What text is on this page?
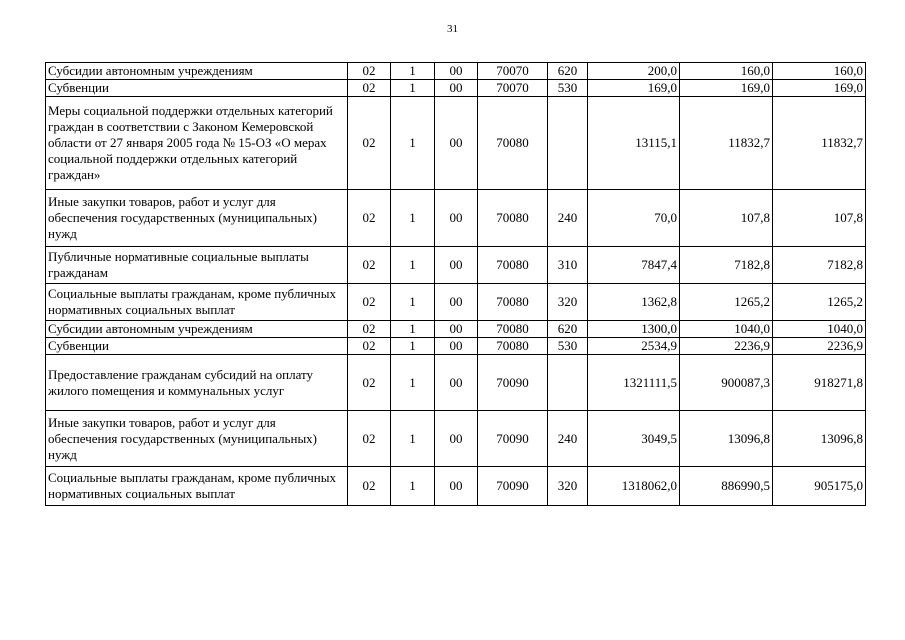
31
Субсидии автономным учреждениям	02	1	00	70070	620	200,0	160,0	160,0
Субвенции	02	1	00	70070	530	169,0	169,0	169,0
Меры социальной поддержки отдельных категорий граждан в соответствии с Законом Кемеровской области от 27 января 2005 года № 15-ОЗ «О мерах социальной поддержки отдельных категорий граждан»	02	1	00	70080		13115,1	11832,7	11832,7
Иные закупки товаров, работ и услуг для обеспечения государственных (муниципальных) нужд	02	1	00	70080	240	70,0	107,8	107,8
Публичные нормативные социальные выплаты гражданам	02	1	00	70080	310	7847,4	7182,8	7182,8
Социальные выплаты гражданам, кроме публичных нормативных социальных выплат	02	1	00	70080	320	1362,8	1265,2	1265,2
Субсидии автономным учреждениям	02	1	00	70080	620	1300,0	1040,0	1040,0
Субвенции	02	1	00	70080	530	2534,9	2236,9	2236,9
Предоставление гражданам субсидий на оплату жилого помещения и коммунальных услуг	02	1	00	70090		1321111,5	900087,3	918271,8
Иные закупки товаров, работ и услуг для обеспечения государственных (муниципальных) нужд	02	1	00	70090	240	3049,5	13096,8	13096,8
Социальные выплаты гражданам, кроме публичных нормативных социальных выплат	02	1	00	70090	320	1318062,0	886990,5	905175,0
